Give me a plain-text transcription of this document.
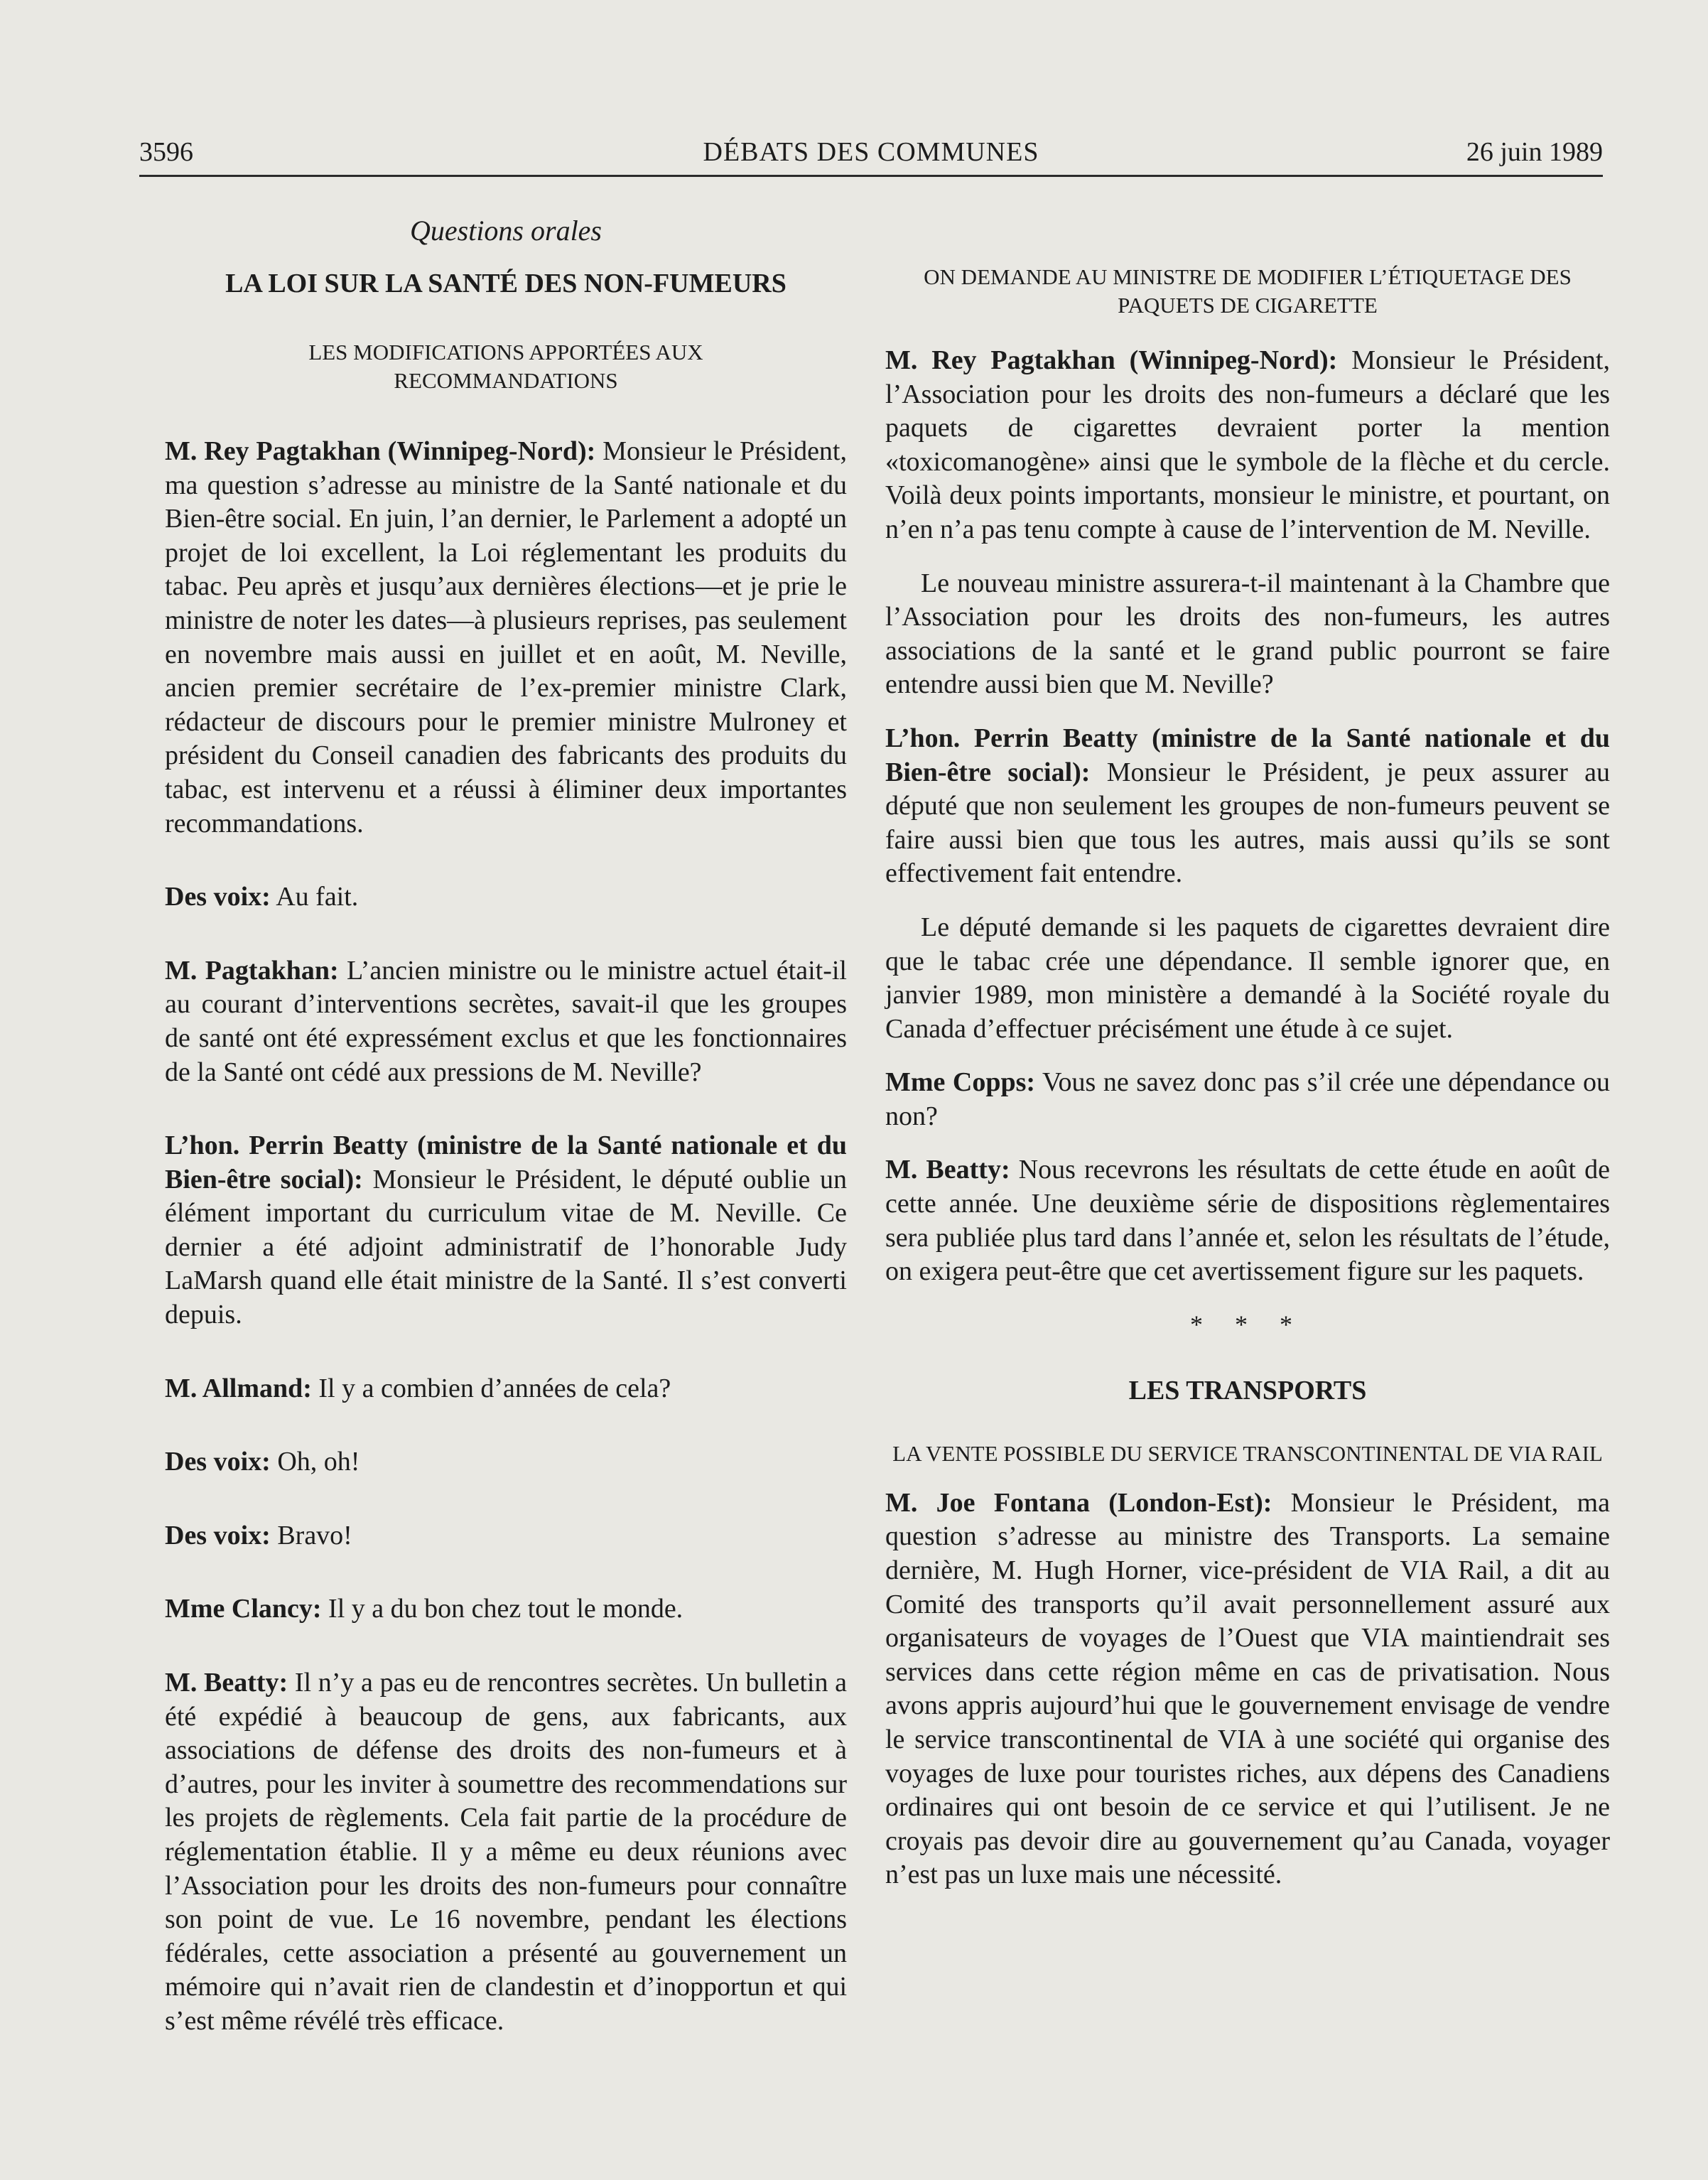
3596	DÉBATS DES COMMUNES	26 juin 1989

Questions orales

LA LOI SUR LA SANTÉ DES NON-FUMEURS

LES MODIFICATIONS APPORTÉES AUX RECOMMANDATIONS

M. Rey Pagtakhan (Winnipeg-Nord): Monsieur le Président, ma question s’adresse au ministre de la Santé nationale et du Bien-être social. En juin, l’an dernier, le Parlement a adopté un projet de loi excellent, la Loi réglementant les produits du tabac. Peu après et jusqu’aux dernières élections—et je prie le ministre de noter les dates—à plusieurs reprises, pas seulement en novembre mais aussi en juillet et en août, M. Neville, ancien premier secrétaire de l’ex-premier ministre Clark, rédacteur de discours pour le premier ministre Mulroney et président du Conseil canadien des fabricants des produits du tabac, est intervenu et a réussi à éliminer deux importantes recommandations.

Des voix: Au fait.

M. Pagtakhan: L’ancien ministre ou le ministre actuel était-il au courant d’interventions secrètes, savait-il que les groupes de santé ont été expressément exclus et que les fonctionnaires de la Santé ont cédé aux pressions de M. Neville?

L’hon. Perrin Beatty (ministre de la Santé nationale et du Bien-être social): Monsieur le Président, le député oublie un élément important du curriculum vitae de M. Neville. Ce dernier a été adjoint administratif de l’honorable Judy LaMarsh quand elle était ministre de la Santé. Il s’est converti depuis.

M. Allmand: Il y a combien d’années de cela?

Des voix: Oh, oh!

Des voix: Bravo!

Mme Clancy: Il y a du bon chez tout le monde.

M. Beatty: Il n’y a pas eu de rencontres secrètes. Un bulletin a été expédié à beaucoup de gens, aux fabricants, aux associations de défense des droits des non-fumeurs et à d’autres, pour les inviter à soumettre des recommendations sur les projets de règlements. Cela fait partie de la procédure de réglementation établie. Il y a même eu deux réunions avec l’Association pour les droits des non-fumeurs pour connaître son point de vue. Le 16 novembre, pendant les élections fédérales, cette association a présenté au gouvernement un mémoire qui n’avait rien de clandestin et d’inopportun et qui s’est même révélé très efficace.

ON DEMANDE AU MINISTRE DE MODIFIER L’ÉTIQUETAGE DES PAQUETS DE CIGARETTE

M. Rey Pagtakhan (Winnipeg-Nord): Monsieur le Président, l’Association pour les droits des non-fumeurs a déclaré que les paquets de cigarettes devraient porter la mention «toxicomanogène» ainsi que le symbole de la flèche et du cercle. Voilà deux points importants, monsieur le ministre, et pourtant, on n’en n’a pas tenu compte à cause de l’intervention de M. Neville.

Le nouveau ministre assurera-t-il maintenant à la Chambre que l’Association pour les droits des non-fumeurs, les autres associations de la santé et le grand public pourront se faire entendre aussi bien que M. Neville?

L’hon. Perrin Beatty (ministre de la Santé nationale et du Bien-être social): Monsieur le Président, je peux assurer au député que non seulement les groupes de non-fumeurs peuvent se faire aussi bien que tous les autres, mais aussi qu’ils se sont effectivement fait entendre.

Le député demande si les paquets de cigarettes devraient dire que le tabac crée une dépendance. Il semble ignorer que, en janvier 1989, mon ministère a demandé à la Société royale du Canada d’effectuer précisément une étude à ce sujet.

Mme Copps: Vous ne savez donc pas s’il crée une dépendance ou non?

M. Beatty: Nous recevrons les résultats de cette étude en août de cette année. Une deuxième série de dispositions règlementaires sera publiée plus tard dans l’année et, selon les résultats de l’étude, on exigera peut-être que cet avertissement figure sur les paquets.

* * *

LES TRANSPORTS

LA VENTE POSSIBLE DU SERVICE TRANSCONTINENTAL DE VIA RAIL

M. Joe Fontana (London-Est): Monsieur le Président, ma question s’adresse au ministre des Transports. La semaine dernière, M. Hugh Horner, vice-président de VIA Rail, a dit au Comité des transports qu’il avait personnellement assuré aux organisateurs de voyages de l’Ouest que VIA maintiendrait ses services dans cette région même en cas de privatisation. Nous avons appris aujourd’hui que le gouvernement envisage de vendre le service transcontinental de VIA à une société qui organise des voyages de luxe pour touristes riches, aux dépens des Canadiens ordinaires qui ont besoin de ce service et qui l’utilisent. Je ne croyais pas devoir dire au gouvernement qu’au Canada, voyager n’est pas un luxe mais une nécessité.
